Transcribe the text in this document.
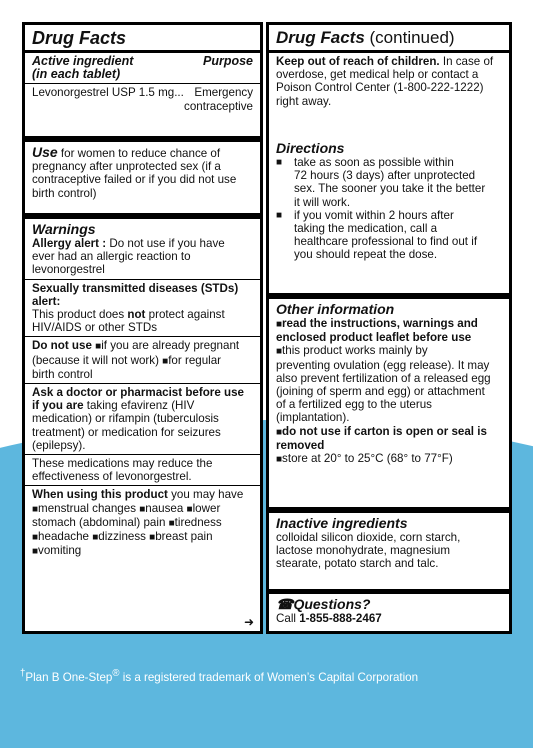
Drug Facts
Active ingredient	Purpose
(in each tablet)
Levonorgestrel USP 1.5 mg... Emergency
contraceptive
Use for women to reduce chance of
pregnancy after unprotected sex (if a
contraceptive failed or if you did not use
birth control)
Warnings
Allergy alert : Do not use if you have
ever had an allergic reaction to
levonorgestrel
Sexually transmitted diseases (STDs)
alert:
This product does not protect against
HIV/AIDS or other STDs
Do not use ■if you are already pregnant
(because it will not work) ■for regular
birth control
Ask a doctor or pharmacist before use
if you are taking efavirenz (HIV
medication) or rifampin (tuberculosis
treatment) or medication for seizures
(epilepsy).
These medications may reduce the
effectiveness of levonorgestrel.
When using this product you may have
■menstrual changes ■nausea ■lower
stomach (abdominal) pain ■tiredness
■headache ■dizziness ■breast pain
■vomiting
➜
Drug Facts (continued)
Keep out of reach of children. In case of
overdose, get medical help or contact a
Poison Control Center (1-800-222-1222)
right away.
Directions
■	take as soon as possible within
72 hours (3 days) after unprotected
sex. The sooner you take it the better
it will work.
■	if you vomit within 2 hours after
taking the medication, call a
healthcare professional to find out if
you should repeat the dose.
Other information
■read the instructions, warnings and
enclosed product leaflet before use
■this product works mainly by
preventing ovulation (egg release). It may
also prevent fertilization of a released egg
(joining of sperm and egg) or attachment
of a fertilized egg to the uterus
(implantation).
■do not use if carton is open or seal is
removed
■store at 20° to 25°C (68° to 77°F)
Inactive ingredients
colloidal silicon dioxide, corn starch,
lactose monohydrate, magnesium
stearate, potato starch and talc.
☎Questions?
Call 1-855-888-2467
†Plan B One-Step® is a registered trademark of Women’s Capital Corporation
